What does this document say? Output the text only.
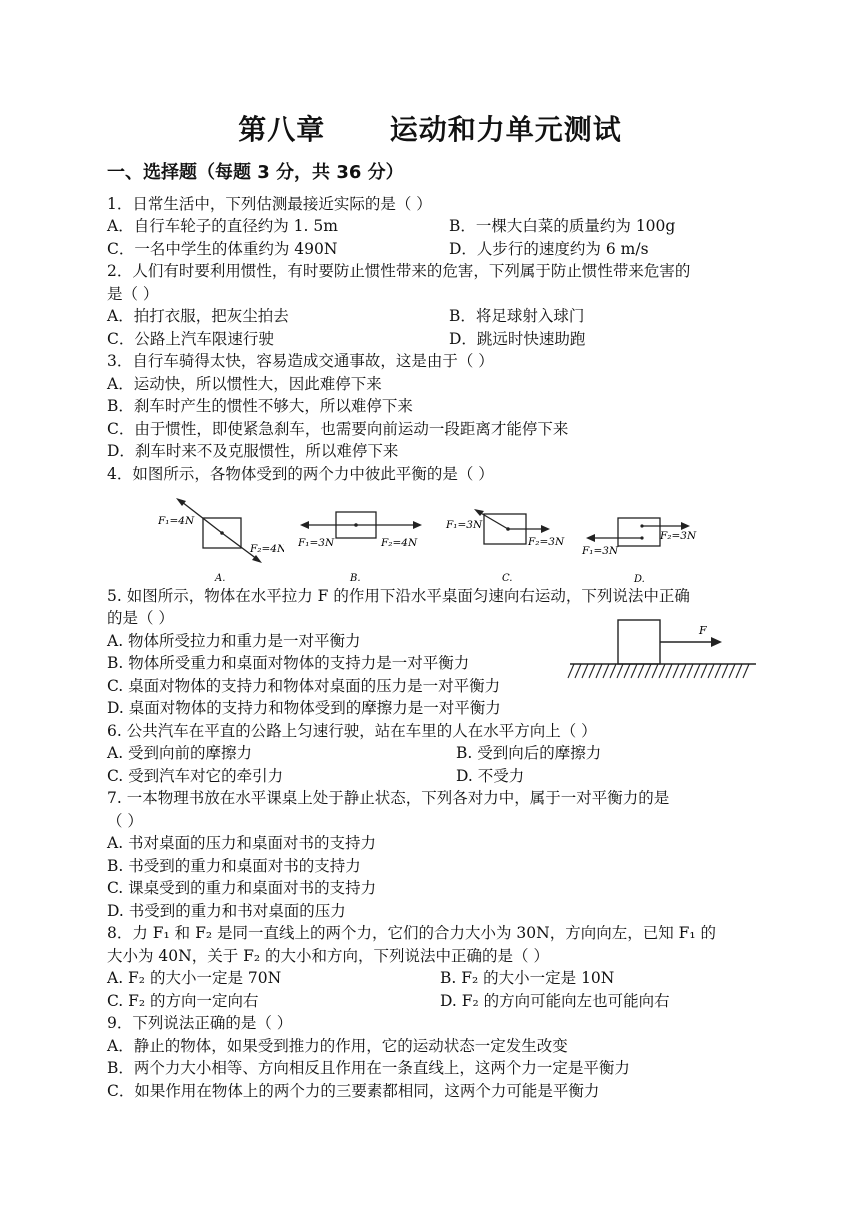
第八章      运动和力单元测试
一、选择题（每题 3 分，共 36 分）
1．日常生活中，下列估测最接近实际的是（ ）
A．自行车轮子的直径约为 1. 5m	B．一棵大白菜的质量约为 100g
C．一名中学生的体重约为 490N	D．人步行的速度约为 6 m/s
2．人们有时要利用惯性，有时要防止惯性带来的危害，下列属于防止惯性带来危害的
是（ ）
A．拍打衣服，把灰尘拍去	B．将足球射入球门
C．公路上汽车限速行驶	D．跳远时快速助跑
3．自行车骑得太快，容易造成交通事故，这是由于（ ）
A．运动快，所以惯性大，因此难停下来
B．刹车时产生的惯性不够大，所以难停下来
C．由于惯性，即使紧急刹车，也需要向前运动一段距离才能停下来
D．刹车时来不及克服惯性，所以难停下来
4．如图所示，各物体受到的两个力中彼此平衡的是（ ）
F₁=4N
F₂=4N
A.
F₁=3N	F₂=4N
B.
F₁=3N
F₂=3N
C.
F₂=3N
F₁=3N
D.
5. 如图所示，物体在水平拉力 F 的作用下沿水平桌面匀速向右运动，下列说法中正确
的是（ ）
A. 物体所受拉力和重力是一对平衡力
B. 物体所受重力和桌面对物体的支持力是一对平衡力
C. 桌面对物体的支持力和物体对桌面的压力是一对平衡力
D. 桌面对物体的支持力和物体受到的摩擦力是一对平衡力
F
6. 公共汽车在平直的公路上匀速行驶，站在车里的人在水平方向上（ ）
A. 受到向前的摩擦力	B. 受到向后的摩擦力
C. 受到汽车对它的牵引力	D. 不受力
7. 一本物理书放在水平课桌上处于静止状态，下列各对力中，属于一对平衡力的是
（ ）
A. 书对桌面的压力和桌面对书的支持力
B. 书受到的重力和桌面对书的支持力
C. 课桌受到的重力和桌面对书的支持力
D. 书受到的重力和书对桌面的压力
8．力 F₁ 和 F₂ 是同一直线上的两个力，它们的合力大小为 30N，方向向左，已知 F₁ 的
大小为 40N，关于 F₂ 的大小和方向，下列说法中正确的是（ ）
A. F₂ 的大小一定是 70N	B. F₂ 的大小一定是 10N
C. F₂ 的方向一定向右	D. F₂ 的方向可能向左也可能向右
9．下列说法正确的是（ ）
A．静止的物体，如果受到推力的作用，它的运动状态一定发生改变
B．两个力大小相等、方向相反且作用在一条直线上，这两个力一定是平衡力
C．如果作用在物体上的两个力的三要素都相同，这两个力可能是平衡力
